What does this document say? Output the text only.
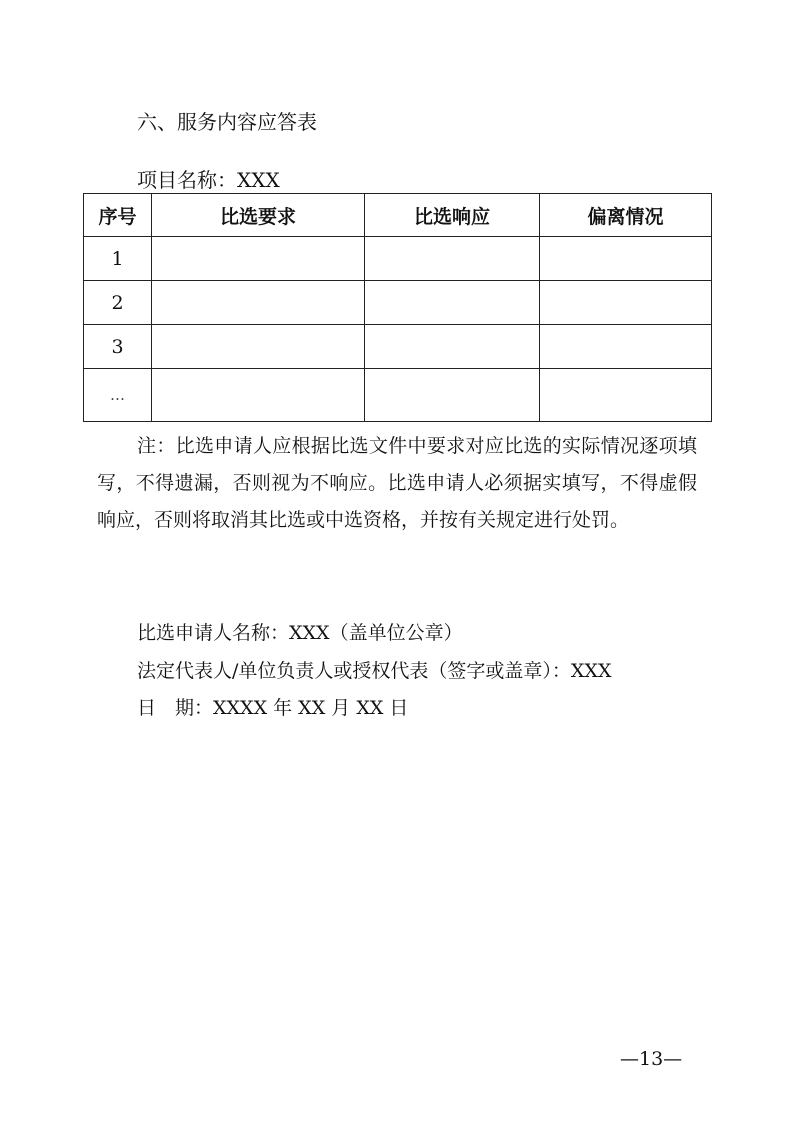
六、服务内容应答表
项目名称：XXX
序号	比选要求	比选响应	偏离情况
1			
2			
3			
…			
注：比选申请人应根据比选文件中要求对应比选的实际情况逐项填写，不得遗漏，否则视为不响应。比选申请人必须据实填写，不得虚假响应，否则将取消其比选或中选资格，并按有关规定进行处罚。
比选申请人名称：XXX（盖单位公章）
法定代表人/单位负责人或授权代表（签字或盖章）：XXX
日　期：XXXX 年 XX 月 XX 日
—13—
